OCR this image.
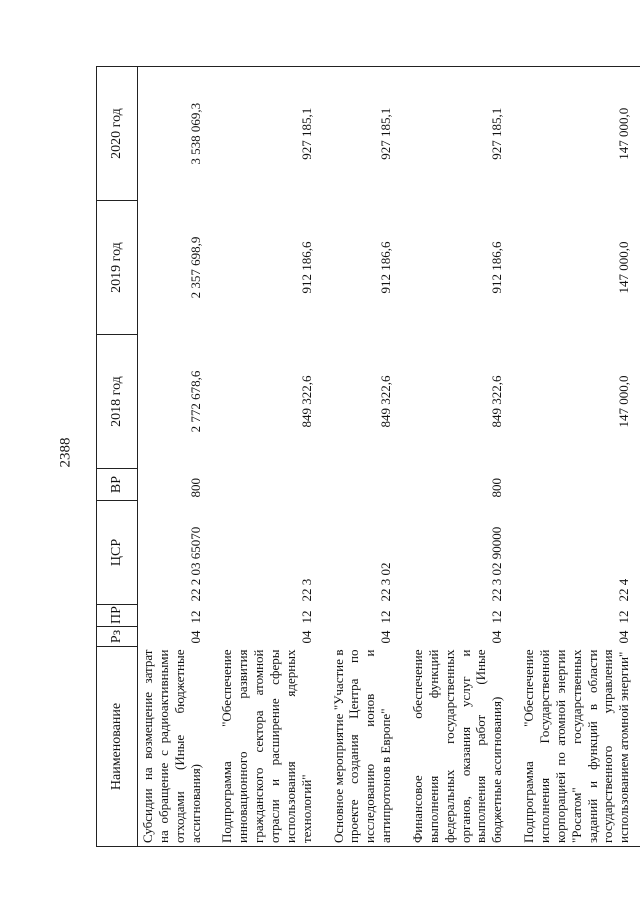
2388
Наименование	Рз	ПР	ЦСР	ВР	2018 год	2019 год	2020 год
Субсидии на возмещение затрат на обращение с радиоактивными отходами (Иные бюджетные ассигнования)	04	12	22 2 03 65070	800	2 772 678,6	2 357 698,9	3 538 069,3
Подпрограмма "Обеспечение инновационного развития гражданского сектора атомной отрасли и расширение сферы использования ядерных технологий"	04	12	22 3		849 322,6	912 186,6	927 185,1
Основное мероприятие "Участие в проекте создания Центра по исследованию ионов и антипротонов в Европе"	04	12	22 3 02		849 322,6	912 186,6	927 185,1
Финансовое обеспечение выполнения функций федеральных государственных органов, оказания услуг и выполнения работ (Иные бюджетные ассигнования)	04	12	22 3 02 90000	800	849 322,6	912 186,6	927 185,1
Подпрограмма "Обеспечение исполнения Государственной корпорацией по атомной энергии "Росатом" государственных заданий и функций в области государственного управления использованием атомной энергии"	04	12	22 4		147 000,0	147 000,0	147 000,0
